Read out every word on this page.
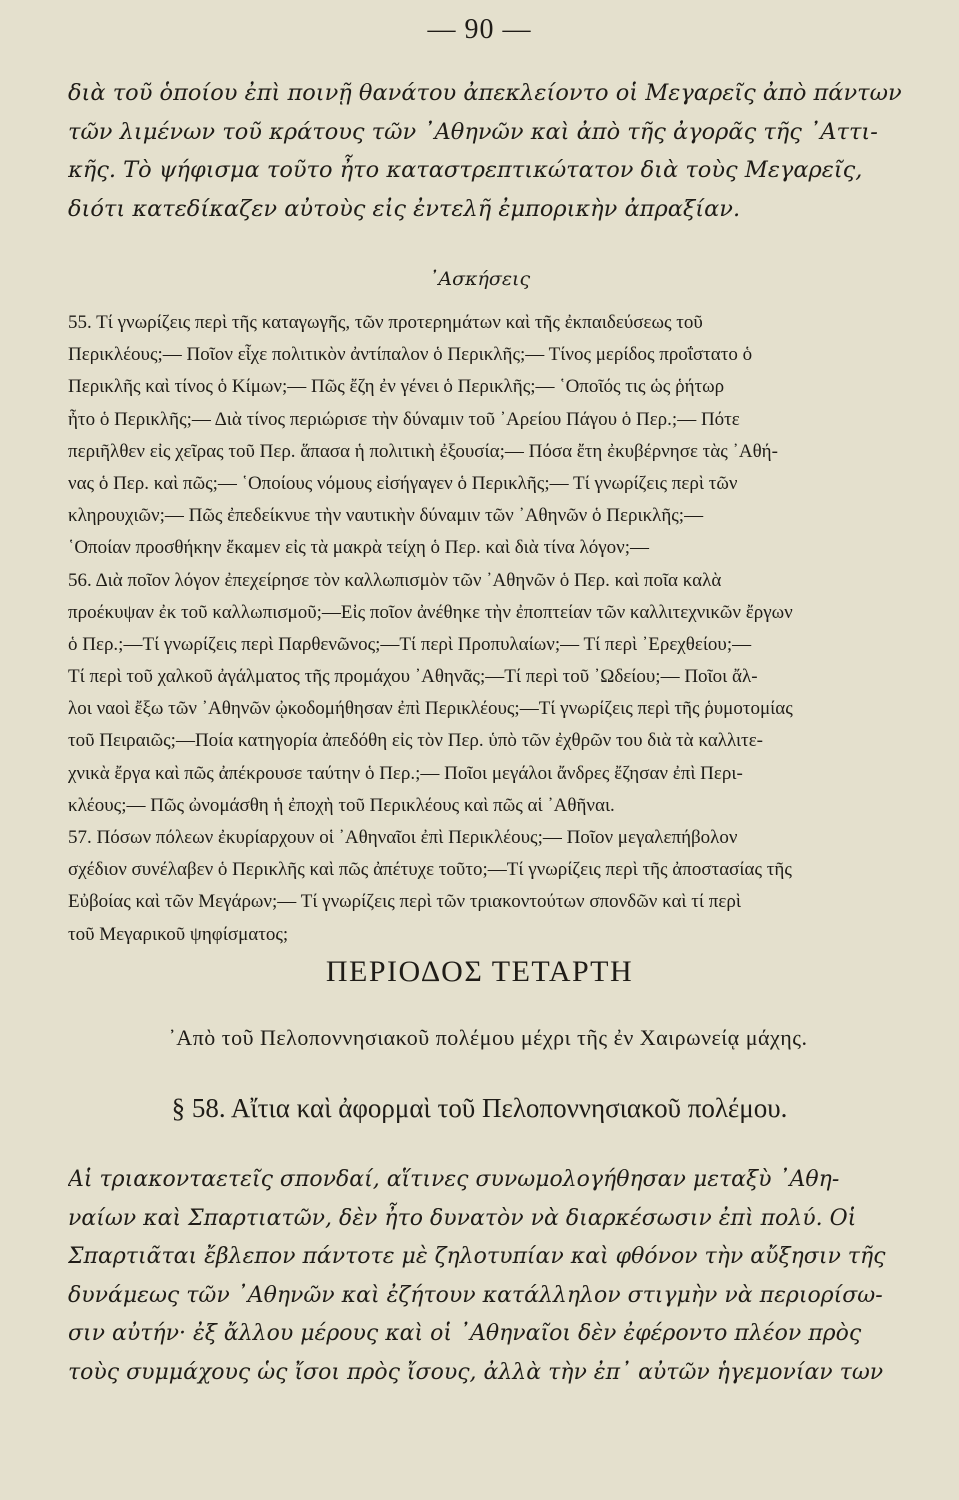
— 90 —
διὰ τοῦ ὁποίου ἐπὶ ποινῇ θανάτου ἀπεκλείοντο οἱ Μεγαρεῖς ἀπὸ πάντων
τῶν λιμένων τοῦ κράτους τῶν ᾿Αθηνῶν καὶ ἀπὸ τῆς ἀγορᾶς τῆς ᾿Αττι-
κῆς. Τὸ ψήφισμα τοῦτο ἦτο καταστρεπτικώτατον διὰ τοὺς Μεγαρεῖς,
διότι κατεδίκαζεν αὐτοὺς εἰς ἐντελῆ ἐμπορικὴν ἀπραξίαν.
᾿Ασκήσεις
55. Τί γνωρίζεις περὶ τῆς καταγωγῆς, τῶν προτερημάτων καὶ τῆς ἐκπαιδεύσεως τοῦ
Περικλέους;— Ποῖον εἶχε πολιτικὸν ἀντίπαλον ὁ Περικλῆς;— Τίνος μερίδος προΐστατο ὁ
Περικλῆς καὶ τίνος ὁ Κίμων;— Πῶς ἔζη ἐν γένει ὁ Περικλῆς;— ῾Οποῖός τις ὡς ῥήτωρ
ἦτο ὁ Περικλῆς;— Διὰ τίνος περιώρισε τὴν δύναμιν τοῦ ᾿Αρείου Πάγου ὁ Περ.;— Πότε
περιῆλθεν εἰς χεῖρας τοῦ Περ. ἅπασα ἡ πολιτικὴ ἐξουσία;— Πόσα ἔτη ἐκυβέρνησε τὰς ᾿Αθή-
νας ὁ Περ. καὶ πῶς;— ῾Οποίους νόμους εἰσήγαγεν ὁ Περικλῆς;— Τί γνωρίζεις περὶ τῶν
κληρουχιῶν;— Πῶς ἐπεδείκνυε τὴν ναυτικὴν δύναμιν τῶν ᾿Αθηνῶν ὁ Περικλῆς;—
῾Οποίαν προσθήκην ἔκαμεν εἰς τὰ μακρὰ τείχη ὁ Περ. καὶ διὰ τίνα λόγον;—
56. Διὰ ποῖον λόγον ἐπεχείρησε τὸν καλλωπισμὸν τῶν ᾿Αθηνῶν ὁ Περ. καὶ ποῖα καλὰ
προέκυψαν ἐκ τοῦ καλλωπισμοῦ;—Εἰς ποῖον ἀνέθηκε τὴν ἐποπτείαν τῶν καλλιτεχνικῶν ἔργων
ὁ Περ.;—Τί γνωρίζεις περὶ Παρθενῶνος;—Τί περὶ Προπυλαίων;— Τί περὶ ᾿Ερεχθείου;—
Τί περὶ τοῦ χαλκοῦ ἀγάλματος τῆς προμάχου ᾿Αθηνᾶς;—Τί περὶ τοῦ ᾿Ωδείου;— Ποῖοι ἄλ-
λοι ναοὶ ἔξω τῶν ᾿Αθηνῶν ᾠκοδομήθησαν ἐπὶ Περικλέους;—Τί γνωρίζεις περὶ τῆς ῥυμοτομίας
τοῦ Πειραιῶς;—Ποία κατηγορία ἀπεδόθη εἰς τὸν Περ. ὑπὸ τῶν ἐχθρῶν του διὰ τὰ καλλιτε-
χνικὰ ἔργα καὶ πῶς ἀπέκρουσε ταύτην ὁ Περ.;— Ποῖοι μεγάλοι ἄνδρες ἔζησαν ἐπὶ Περι-
κλέους;— Πῶς ὠνομάσθη ἡ ἐποχὴ τοῦ Περικλέους καὶ πῶς αἱ ᾿Αθῆναι.
57. Πόσων πόλεων ἐκυρίαρχουν οἱ ᾿Αθηναῖοι ἐπὶ Περικλέους;— Ποῖον μεγαλεπήβολον
σχέδιον συνέλαβεν ὁ Περικλῆς καὶ πῶς ἀπέτυχε τοῦτο;—Τί γνωρίζεις περὶ τῆς ἀποστασίας τῆς
Εὐβοίας καὶ τῶν Μεγάρων;— Τί γνωρίζεις περὶ τῶν τριακοντούτων σπονδῶν καὶ τί περὶ
τοῦ Μεγαρικοῦ ψηφίσματος;
ΠΕΡΙΟΔΟΣ ΤΕΤΑΡΤΗ
᾿Απὸ τοῦ Πελοποννησιακοῦ πολέμου μέχρι τῆς ἐν Χαιρωνείᾳ μάχης.
§ 58. Αἴτια καὶ ἀφορμαὶ τοῦ Πελοποννησιακοῦ πολέμου.
Αἱ τριακονταετεῖς σπονδαί, αἵτινες συνωμολογήθησαν μεταξὺ ᾿Αθη-
ναίων καὶ Σπαρτιατῶν, δὲν ἦτο δυνατὸν νὰ διαρκέσωσιν ἐπὶ πολύ. Οἱ
Σπαρτιᾶται ἔβλεπον πάντοτε μὲ ζηλοτυπίαν καὶ φθόνον τὴν αὔξησιν τῆς
δυνάμεως τῶν ᾿Αθηνῶν καὶ ἐζήτουν κατάλληλον στιγμὴν νὰ περιορίσω-
σιν αὐτήν· ἐξ ἄλλου μέρους καὶ οἱ ᾿Αθηναῖοι δὲν ἐφέροντο πλέον πρὸς
τοὺς συμμάχους ὡς ἴσοι πρὸς ἴσους, ἀλλὰ τὴν ἐπ᾿ αὐτῶν ἡγεμονίαν των
